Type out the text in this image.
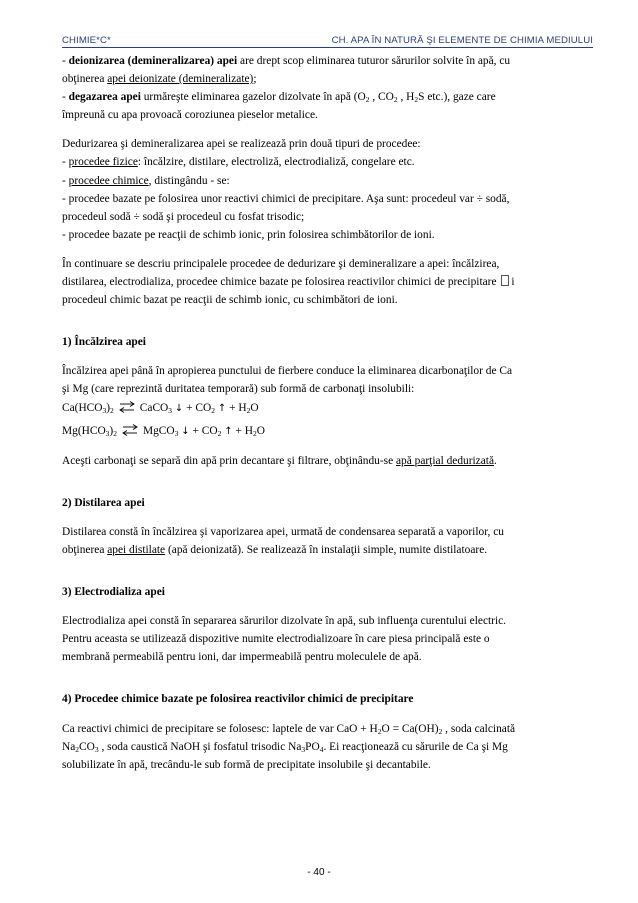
CHIMIE*C*	CH. APA ÎN NATURĂ ŞI ELEMENTE DE CHIMIA MEDIULUI

- deionizarea (demineralizarea) apei are drept scop eliminarea tuturor sărurilor solvite în apă, cu

obţinerea apei deionizate (demineralizate);

- degazarea apei urmăreşte eliminarea gazelor dizolvate în apă ($O_2$ , $CO_2$ , $H_2S$ etc.), gaze care

împreună cu apa provoacă coroziunea pieselor metalice.

Dedurizarea şi demineralizarea apei se realizează prin două tipuri de procedee:

- procedee fizice: încălzire, distilare, electroliză, electrodializă, congelare etc.

- procedee chimice, distingându - se:

- procedee bazate pe folosirea unor reactivi chimici de precipitare. Aşa sunt: procedeul var ÷ sodă,

procedeul sodă ÷ sodă şi procedeul cu fosfat trisodic;

- procedee bazate pe reacţii de schimb ionic, prin folosirea schimbătorilor de ioni.

În continuare se descriu principalele procedee de dedurizare şi demineralizare a apei: încălzirea,

distilarea, electrodializa, procedee chimice bazate pe folosirea reactivilor chimici de precipitare i

procedeul chimic bazat pe reacţii de schimb ionic, cu schimbători de ioni.

1) Încălzirea apei

Încălzirea apei până în apropierea punctului de fierbere conduce la eliminarea dicarbonaţilor de Ca

şi Mg (care reprezintă duritatea temporară) sub formă de carbonaţi insolubili:

$Ca(HCO_3)_2$ ⇌ CaCO$_3$ ↓ + $CO_2$ ↑ + $H_2O$

$Mg(HCO_3)_2$ ⇌ MgCO$_3$ ↓ + $CO_2$ ↑ + $H_2O$

Aceşti carbonaţi se separă din apă prin decantare şi filtrare, obţinându-se apă parţial dedurizată.

2) Distilarea apei

Distilarea constă în încălzirea şi vaporizarea apei, urmată de condensarea separată a vaporilor, cu

obţinerea apei distilate (apă deionizată). Se realizează în instalaţii simple, numite distilatoare.

3) Electrodializa apei

Electrodializa apei constă în separarea sărurilor dizolvate în apă, sub influenţa curentului electric.

Pentru aceasta se utilizează dispozitive numite electrodializoare în care piesa principală este o

membrană permeabilă pentru ioni, dar impermeabilă pentru moleculele de apă.

4) Procedee chimice bazate pe folosirea reactivilor chimici de precipitare

Ca reactivi chimici de precipitare se folosesc: laptele de var CaO + $H_2O = Ca(OH)_2$ , soda calcinată

$Na_2CO_3$ , soda caustică NaOH şi fosfatul trisodic $Na_3PO_4$. Ei reacţionează cu sărurile de Ca şi Mg

solubilizate în apă, trecându-le sub formă de precipitate insolubile şi decantabile.

- 40 -
